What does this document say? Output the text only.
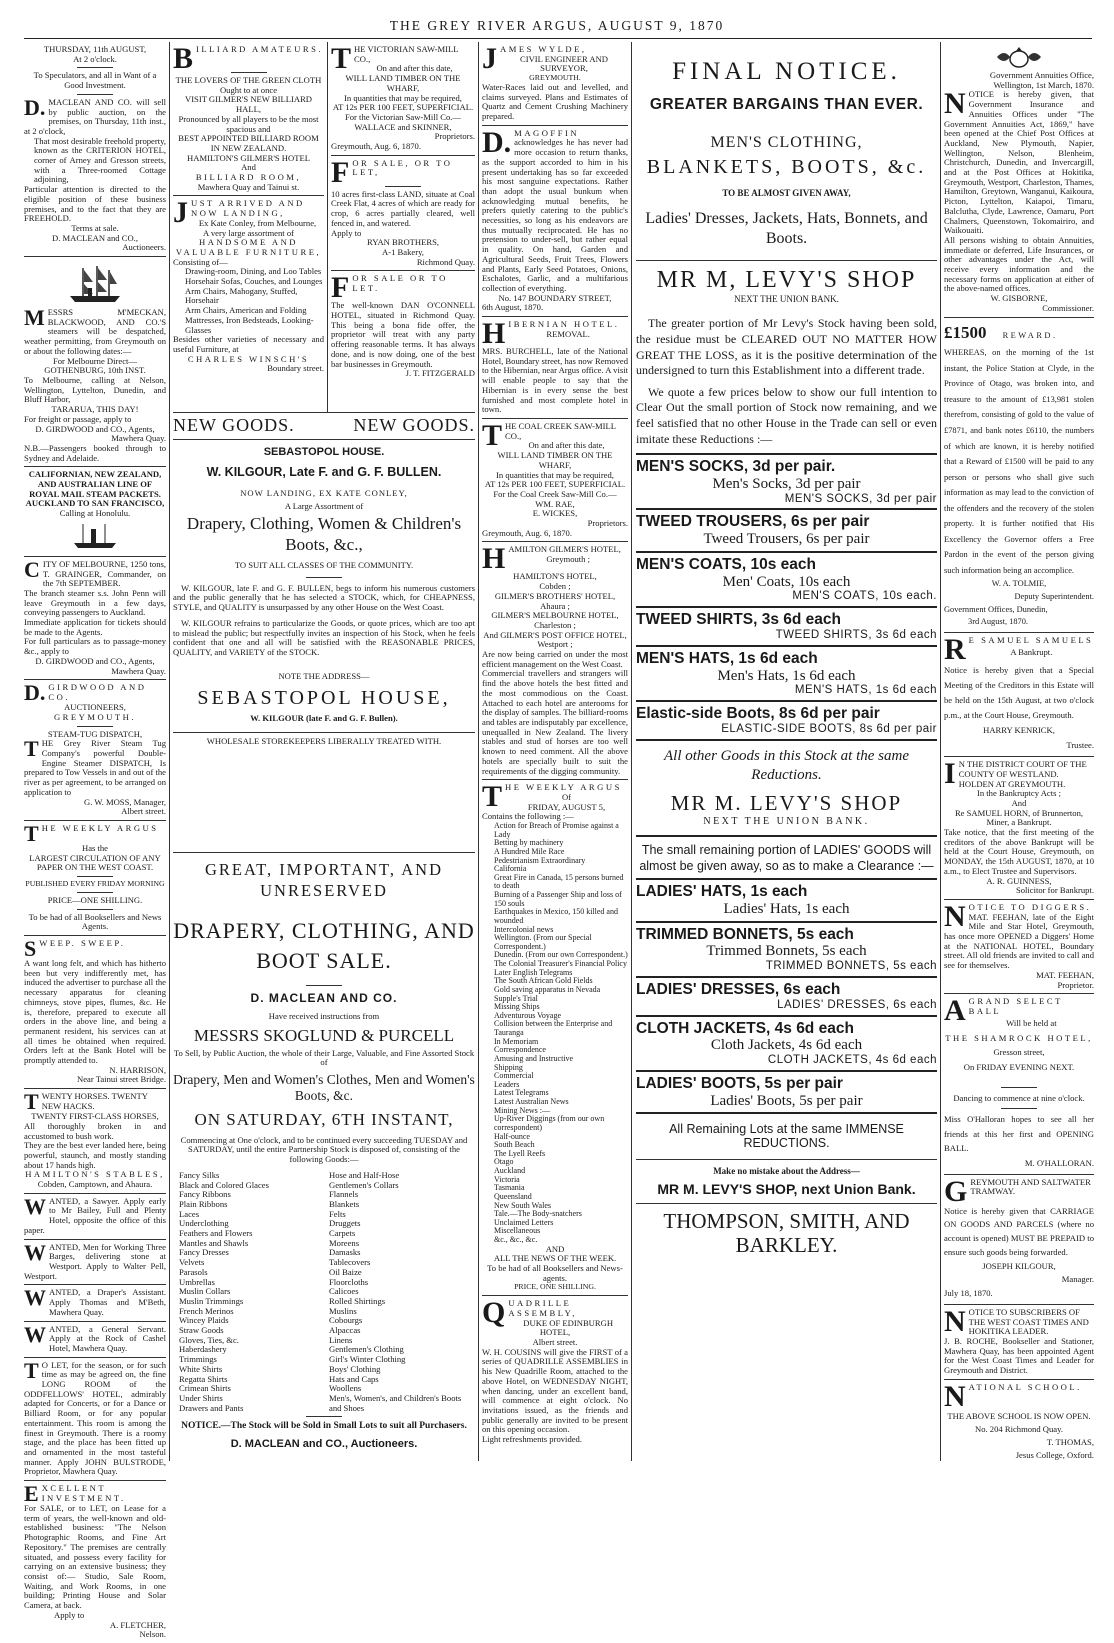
THE GREY RIVER ARGUS, AUGUST 9, 1870
THURSDAY, 11th AUGUST,
At 2 o'clock.
To Speculators, and all in Want of a Good Investment.
D. MACLEAN AND CO. will sell by public auction, on the premises, on Thursday, 11th inst., at 2 o'clock,
That most desirable freehold property, known as the CRITERION HOTEL, corner of Arney and Gresson streets, with a Three-roomed Cottage adjoining,
Particular attention is directed to the eligible position of these business premises, and to the fact that they are FREEHOLD.
Terms at sale.
D. MACLEAN and CO.,
Auctioneers.
MESSRS M'MECKAN, BLACKWOOD, AND CO.'S steamers will be despatched, weather permitting, from Greymouth on or about the following dates:—
For Melbourne Direct—
GOTHENBURG, 10th INST.
To Melbourne, calling at Nelson, Wellington, Lyttelton, Dunedin, and Bluff Harbor,
TARARUA, THIS DAY!
For freight or passage, apply to
D. GIRDWOOD and CO., Agents,
Mawhera Quay.
N.B.—Passengers booked through to Sydney and Adelaide.
CALIFORNIAN, NEW ZEALAND, AND AUSTRALIAN LINE OF ROYAL MAIL STEAM PACKETS.
AUCKLAND TO SAN FRANCISCO,
Calling at Honolulu.
CITY OF MELBOURNE, 1250 tons, T. GRAINGER, Commander, on the 7th SEPTEMBER.
The branch steamer s.s. John Penn will leave Greymouth in a few days, conveying passengers to Auckland.
Immediate application for tickets should be made to the Agents.
For full particulars as to passage-money &c., apply to
D. GIRDWOOD and CO., Agents,
Mawhera Quay.
D. GIRDWOOD AND CO.
AUCTIONEERS,
GREYMOUTH.
STEAM-TUG DISPATCH,
THE Grey River Steam Tug Company's powerful Double-Engine Steamer DISPATCH, Is prepared to Tow Vessels in and out of the river as per agreement, to be arranged on application to
G. W. MOSS, Manager,
Albert street.
THE WEEKLY ARGUS
Has the
LARGEST CIRCULATION OF ANY PAPER ON THE WEST COAST.
PUBLISHED EVERY FRIDAY MORNING
PRICE—ONE SHILLING.
To be had of all Booksellers and News Agents.
SWEEP. SWEEP.
A want long felt, and which has hitherto been but very indifferently met, has induced the advertiser to purchase all the necessary apparatus for cleaning chimneys, stove pipes, flumes, &c. He is, therefore, prepared to execute all orders in the above line, and being a permanent resident, his services can at all times be obtained when required. Orders left at the Bank Hotel will be promptly attended to.
N. HARRISON,
Near Tainui street Bridge.
TWENTY HORSES. TWENTY NEW HACKS.
TWENTY FIRST-CLASS HORSES,
All thoroughly broken in and accustomed to bush work.
They are the best ever landed here, being powerful, staunch, and mostly standing about 17 hands high.
HAMILTON'S STABLES,
Cobden, Camptown, and Ahaura.
WANTED, a Sawyer. Apply early to Mr Bailey, Full and Plenty Hotel, opposite the office of this paper.
WANTED, Men for Working Three Barges, delivering stone at Westport. Apply to Walter Pell, Westport.
WANTED, a Draper's Assistant. Apply Thomas and M'Beth, Mawhera Quay.
WANTED, a General Servant. Apply at the Rock of Cashel Hotel, Mawhera Quay.
T O LET, for the season, or for such time as may be agreed on, the fine LONG ROOM of the ODDFELLOWS' HOTEL, admirably adapted for Concerts, or for a Dance or Billiard Room, or for any popular entertainment. This room is among the finest in Greymouth. There is a roomy stage, and the place has been fitted up and ornamented in the most tasteful manner. Apply JOHN BULSTRODE, Proprietor, Mawhera Quay.
EXCELLENT INVESTMENT.
For SALE, or to LET, on Lease for a term of years, the well-known and old-established business: "The Nelson Photographic Rooms, and Fine Art Repository." The premises are centrally situated, and possess every facility for carrying on an extensive business; they consist of:— Studio, Sale Room, Waiting, and Work Rooms, in one building; Printing House and Solar Camera, at back.
Apply to
A. FLETCHER,
Nelson.
BILLIARD AMATEURS.
THE LOVERS OF THE GREEN CLOTH
Ought to at once
VISIT GILMER'S NEW BILLIARD HALL,
Pronounced by all players to be the most spacious and
BEST APPOINTED BILLIARD ROOM IN NEW ZEALAND.
HAMILTON'S GILMER'S HOTEL
And
BILLIARD ROOM,
Mawhera Quay and Tainui st.
JUST ARRIVED AND NOW LANDING,
Ex Kate Conley, from Melbourne,
A very large assortment of
HANDSOME AND VALUABLE FURNITURE,
Consisting of—
Drawing-room, Dining, and Loo Tables
Horsehair Sofas, Couches, and Lounges
Arm Chairs, Mahogany, Stuffed, Horsehair
Arm Chairs, American and Folding
Mattresses, Iron Bedsteads, Looking-Glasses
Besides other varieties of necessary and useful Furniture, at
CHARLES WINSCH'S
Boundary street.
THE VICTORIAN SAW-MILL CO.,
On and after this date,
WILL LAND TIMBER ON THE WHARF,
In quantities that may be required,
AT 12s PER 100 FEET, SUPERFICIAL.
For the Victorian Saw-Mill Co.—
WALLACE and SKINNER,
Proprietors.
Greymouth, Aug. 6, 1870.
FOR SALE, OR TO LET,
10 acres first-class LAND, situate at Coal Creek Flat, 4 acres of which are ready for crop, 6 acres partially cleared, well fenced in, and watered.
Apply to
RYAN BROTHERS,
A-1 Bakery,
Richmond Quay.
FOR SALE OR TO LET.
The well-known DAN O'CONNELL HOTEL, situated in Richmond Quay. This being a bona fide offer, the proprietor will treat with any party offering reasonable terms. It has always done, and is now doing, one of the best bar businesses in Greymouth.
J. T. FITZGERALD
NEW GOODS.	NEW GOODS.
SEBASTOPOL HOUSE.
W. KILGOUR, Late F. and G. F. BULLEN.
NOW LANDING, EX KATE CONLEY,
A Large Assortment of
Drapery, Clothing, Women & Children's Boots, &c.,
TO SUIT ALL CLASSES OF THE COMMUNITY.
W. KILGOUR, late F. and G. F. BULLEN, begs to inform his numerous customers and the public generally that he has selected a STOCK, which, for CHEAPNESS, STYLE, and QUALITY is unsurpassed by any other House on the West Coast.
W. KILGOUR refrains to particularize the Goods, or quote prices, which are too apt to mislead the public; but respectfully invites an inspection of his Stock, when he feels confident that one and all will be satisfied with the REASONABLE PRICES, QUALITY, and VARIETY of the STOCK.
NOTE THE ADDRESS—
SEBASTOPOL HOUSE,
W. KILGOUR (late F. and G. F. Bullen).
WHOLESALE STOREKEEPERS LIBERALLY TREATED WITH.
GREAT, IMPORTANT, AND UNRESERVED
DRAPERY, CLOTHING, AND BOOT SALE.
D. MACLEAN AND CO.
Have received instructions from
MESSRS SKOGLUND & PURCELL
To Sell, by Public Auction, the whole of their Large, Valuable, and Fine Assorted Stock of
Drapery, Men and Women's Clothes, Men and Women's Boots, &c.
ON SATURDAY, 6TH INSTANT,
Commencing at One o'clock, and to be continued every succeeding TUESDAY and SATURDAY, until the entire Partnership Stock is disposed of, consisting of the following Goods:—
Fancy Silks
Black and Colored Glaces
Fancy Ribbons
Plain Ribbons
Laces
Underclothing
Feathers and Flowers
Mantles and Shawls
Fancy Dresses
Velvets
Parasols
Umbrellas
Muslin Collars
Muslin Trimmings
French Merinos
Wincey Plaids
Straw Goods
Gloves, Ties, &c.
Haberdashery
Trimmings
White Shirts
Regatta Shirts
Crimean Shirts
Under Shirts
Drawers and Pants
Hose and Half-Hose
Gentlemen's Collars
Flannels
Blankets
Felts
Druggets
Carpets
Moreens
Damasks
Tablecovers
Oil Baize
Floorcloths
Calicoes
Rolled Shirtings
Muslins
Cobourgs
Alpaccas
Linens
Gentlemen's Clothing
Girl's Winter Clothing
Boys' Clothing
Hats and Caps
Woollens
Men's, Women's, and Children's Boots and Shoes
NOTICE.—The Stock will be Sold in Small Lots to suit all Purchasers.
D. MACLEAN and CO., Auctioneers.
JAMES WYLDE,
CIVIL ENGINEER AND SURVEYOR,
GREYMOUTH.
Water-Races laid out and levelled, and claims surveyed. Plans and Estimates of Quartz and Cement Crushing Machinery prepared.
D. MAGOFFIN
acknowledges he has never had more occasion to return thanks, as the support accorded to him in his present undertaking has so far exceeded his most sanguine expectations. Rather than adopt the usual bunkum when acknowledging mutual benefits, he prefers quietly catering to the public's necessities, so long as his endeavors are thus mutually reciprocated. He has no pretension to under-sell, but rather equal in quality. On hand, Garden and Agricultural Seeds, Fruit Trees, Flowers and Plants, Early Seed Potatoes, Onions, Eschalotes, Garlic, and a multifarious collection of everything.
No. 147 BOUNDARY STREET,
6th August, 1870.
HIBERNIAN HOTEL.
REMOVAL.
MRS. BURCHELL, late of the National Hotel, Boundary street, has now Removed to the Hibernian, near Argus office. A visit will enable people to say that the Hibernian is in every sense the best furnished and most complete hotel in town.
THE COAL CREEK SAW-MILL CO.,
On and after this date,
WILL LAND TIMBER ON THE WHARF,
In quantities that may be required,
AT 12s PER 100 FEET, SUPERFICIAL.
For the Coal Creek Saw-Mill Co.—
WM. RAE,
E. WICKES,
Proprietors.
Greymouth, Aug. 6, 1870.
HAMILTON GILMER'S HOTEL,
Greymouth ;
HAMILTON'S HOTEL,
Cobden ;
GILMER'S BROTHERS' HOTEL,
Ahaura ;
GILMER'S MELBOURNE HOTEL,
Charleston ;
And GILMER'S POST OFFICE HOTEL,
Westport ;
Are now being carried on under the most efficient management on the West Coast.
Commercial travellers and strangers will find the above hotels the best fitted and the most commodious on the Coast. Attached to each hotel are anterooms for the display of samples. The billiard-rooms and tables are indisputably par excellence, unequalled in New Zealand. The livery stables and stud of horses are too well known to need comment. All the above hotels are specially built to suit the requirements of the digging community.
THE WEEKLY ARGUS
Of
FRIDAY, AUGUST 5,
Contains the following :—
Action for Breach of Promise against a Lady
Betting by machinery
A Hundred Mile Race
Pedestrianism Extraordinary
California
Great Fire in Canada, 15 persons burned to death
Burning of a Passenger Ship and loss of 150 souls
Earthquakes in Mexico, 150 killed and wounded
Intercolonial news
Wellington. (From our Special Correspondent.)
Dunedin. (From our own Correspondent.)
The Colonial Treasurer's Financial Policy
Later English Telegrams
The South African Gold Fields
Gold saving apparatus in Nevada
Supple's Trial
Missing Ships
Adventurous Voyage
Collision between the Enterprise and Tauranga
In Memoriam
Correspondence
Amusing and Instructive
Shipping
Commercial
Leaders
Latest Telegrams
Latest Australian News
Mining News :—
Up-River Diggings (from our own correspondent)
Half-ounce
South Beach
The Lyell Reefs
Otago
Auckland
Victoria
Tasmania
Queensland
New South Wales
Tale.—The Body-snatchers
Unclaimed Letters
Miscellaneous
&c., &c., &c.
AND
ALL THE NEWS OF THE WEEK.
To be had of all Booksellers and News-agents.
PRICE, ONE SHILLING.
QUADRILLE ASSEMBLY,
DUKE OF EDINBURGH HOTEL,
Albert street.
W. H. COUSINS will give the FIRST of a series of QUADRILLE ASSEMBLIES in his New Quadrille Room, attached to the above Hotel, on WEDNESDAY NIGHT, when dancing, under an excellent band, will commence at eight o'clock. No invitations issued, as the friends and public generally are invited to be present on this opening occasion.
Light refreshments provided.
FINAL NOTICE.
GREATER BARGAINS THAN EVER.
MEN'S CLOTHING,
BLANKETS, BOOTS, &c.
TO BE ALMOST GIVEN AWAY,
Ladies' Dresses, Jackets, Hats, Bonnets, and Boots.
MR M, LEVY'S SHOP
NEXT THE UNION BANK.
The greater portion of Mr Levy's Stock having been sold, the residue must be CLEARED OUT NO MATTER HOW GREAT THE LOSS, as it is the positive determination of the undersigned to turn this Establishment into a different trade.
We quote a few prices below to show our full intention to Clear Out the small portion of Stock now remaining, and we feel satisfied that no other House in the Trade can sell or even imitate these Reductions :—
MEN'S SOCKS, 3d per pair.
Men's Socks, 3d per pair
MEN'S SOCKS, 3d per pair
TWEED TROUSERS, 6s per pair
Tweed Trousers, 6s per pair
MEN'S COATS, 10s each
Men' Coats, 10s each
MEN'S COATS, 10s each.
TWEED SHIRTS, 3s 6d each
TWEED SHIRTS, 3s 6d each
MEN'S HATS, 1s 6d each
Men's Hats, 1s 6d each
MEN'S HATS, 1s 6d each
Elastic-side Boots, 8s 6d per pair
ELASTIC-SIDE BOOTS, 8s 6d per pair
All other Goods in this Stock at the same Reductions.
MR M. LEVY'S SHOP
NEXT THE UNION BANK.
The small remaining portion of LADIES' GOODS will almost be given away, so as to make a Clearance :—
LADIES' HATS, 1s each
Ladies' Hats, 1s each
TRIMMED BONNETS, 5s each
Trimmed Bonnets, 5s each
TRIMMED BONNETS, 5s each
LADIES' DRESSES, 6s each
LADIES' DRESSES, 6s each
CLOTH JACKETS, 4s 6d each
Cloth Jackets, 4s 6d each
CLOTH JACKETS, 4s 6d each
LADIES' BOOTS, 5s per pair
Ladies' Boots, 5s per pair
All Remaining Lots at the same IMMENSE REDUCTIONS.
Make no mistake about the Address—
MR M. LEVY'S SHOP, next Union Bank.
THOMPSON, SMITH, AND BARKLEY.
Government Annuities Office,
Wellington, 1st March, 1870.
NOTICE is hereby given, that Government Insurance and Annuities Offices under "The Government Annuities Act, 1869," have been opened at the Chief Post Offices at Auckland, New Plymouth, Napier, Wellington, Nelson, Blenheim, Christchurch, Dunedin, and Invercargill, and at the Post Offices at Hokitika, Greymouth, Westport, Charleston, Thames, Hamilton, Greytown, Wanganui, Kaikoura, Picton, Lyttelton, Kaiapoi, Timaru, Balclutha, Clyde, Lawrence, Oamaru, Port Chalmers, Queenstown, Tokomairiro, and Waikouaiti.
All persons wishing to obtain Annuities, immediate or deferred, Life Insurances, or other advantages under the Act, will receive every information and the necessary forms on application at either of the above-named offices.
W. GISBORNE,
Commissioner.
£1500 REWARD.
WHEREAS, on the morning of the 1st instant, the Police Station at Clyde, in the Province of Otago, was broken into, and treasure to the amount of £13,981 stolen therefrom, consisting of gold to the value of £7871, and bank notes £6110, the numbers of which are known, it is hereby notified that a Reward of £1500 will be paid to any person or persons who shall give such information as may lead to the conviction of the offenders and the recovery of the stolen property. It is further notified that His Excellency the Governor offers a Free Pardon in the event of the person giving such information being an accomplice.
W. A. TOLMIE,
Deputy Superintendent.
Government Offices, Dunedin,
3rd August, 1870.
R E SAMUEL SAMUELS
A Bankrupt.
Notice is hereby given that a Special Meeting of the Creditors in this Estate will be held on the 15th August, at two o'clock p.m., at the Court House, Greymouth.
HARRY KENRICK,
Trustee.
I N THE DISTRICT COURT OF THE COUNTY OF WESTLAND. HOLDEN AT GREYMOUTH.
In the Bankruptcy Acts ;
And
Re SAMUEL HORN, of Brunnerton, Miner, a Bankrupt.
Take notice, that the first meeting of the creditors of the above Bankrupt will be held at the Court House, Greymouth, on MONDAY, the 15th AUGUST, 1870, at 10 a.m., to Elect Trustee and Supervisors.
A. R. GUINNESS,
Solicitor for Bankrupt.
NOTICE TO DIGGERS.
MAT. FEEHAN, late of the Eight Mile and Star Hotel, Greymouth, has once more OPENED a Diggers' Home at the NATIONAL HOTEL, Boundary street. All old friends are invited to call and see for themselves.
MAT. FEEHAN,
Proprietor.
AGRAND SELECT BALL
Will be held at
THE SHAMROCK HOTEL,
Gresson street,
On FRIDAY EVENING NEXT.
Dancing to commence at nine o'clock.
Miss O'Halloran hopes to see all her friends at this her first and OPENING BALL.
M. O'HALLORAN.
GREYMOUTH AND SALTWATER TRAMWAY.
Notice is hereby given that CARRIAGE ON GOODS AND PARCELS (where no account is opened) MUST BE PREPAID to ensure such goods being forwarded.
JOSEPH KILGOUR,
Manager.
July 18, 1870.
NOTICE TO SUBSCRIBERS OF THE WEST COAST TIMES AND HOKITIKA LEADER.
J. B. ROCHE, Bookseller and Stationer, Mawhera Quay, has been appointed Agent for the West Coast Times and Leader for Greymouth and District.
NATIONAL SCHOOL.
THE ABOVE SCHOOL IS NOW OPEN.
No. 204 Richmond Quay.
T. THOMAS,
Jesus College, Oxford.
